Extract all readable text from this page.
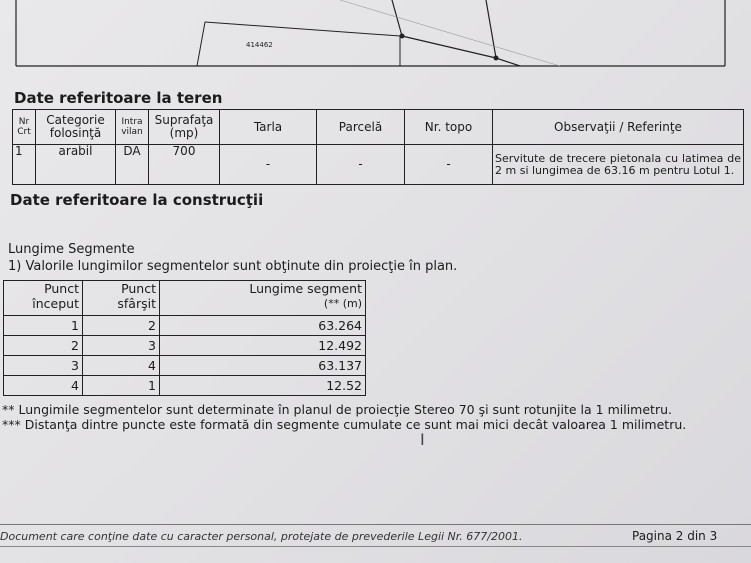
414462
Date referitoare la teren
Nr Crt	Categorie folosinţă	Intra vilan	Suprafaţa (mp)	Tarla	Parcelă	Nr. topo	Observaţii / Referinţe
1	arabil	DA	700	-	-	-	Servitute de trecere pietonala cu latimea de 2 m si lungimea de 63.16 m pentru Lotul 1.
Date referitoare la construcţii
Lungime Segmente
1) Valorile lungimilor segmentelor sunt obţinute din proiecţie în plan.
Punct început	Punct sfârşit	Lungime segment
(** (m)

1	2	63.264
2	3	12.492
3	4	63.137
4	1	12.52
** Lungimile segmentelor sunt determinate în planul de proiecţie Stereo 70 şi sunt rotunjite la 1 milimetru.
*** Distanţa dintre puncte este formată din segmente cumulate ce sunt mai mici decât valoarea 1 milimetru.
I
Document care conţine date cu caracter personal, protejate de prevederile Legii Nr. 677/2001.	Pagina 2 din 3
